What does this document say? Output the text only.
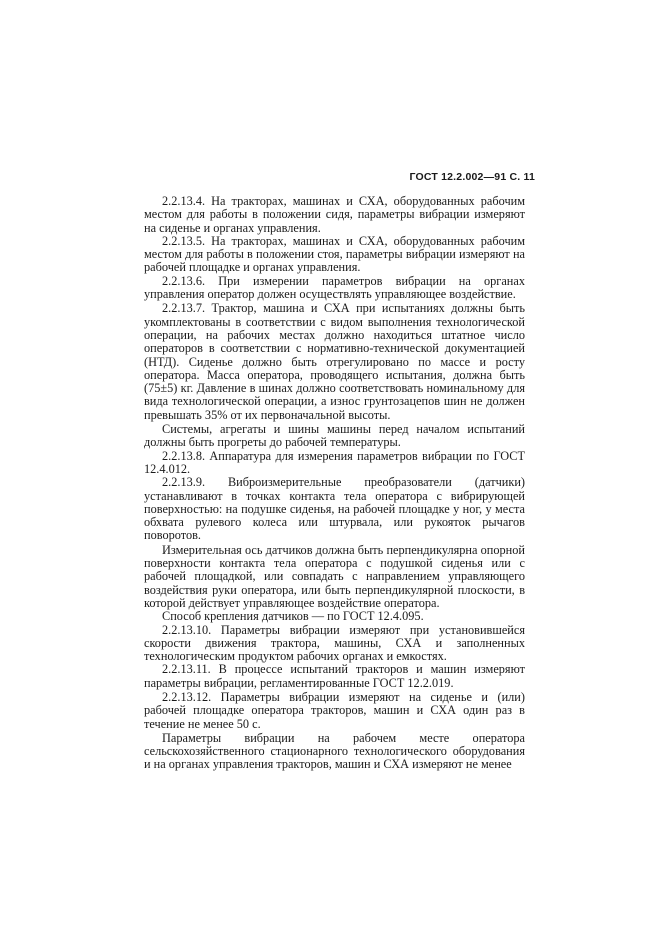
ГОСТ 12.2.002—91 С. 11

2.2.13.4. На тракторах, машинах и СХА, оборудованных рабочим местом для работы в положении сидя, параметры вибрации измеряют на сиденье и органах управления.

2.2.13.5. На тракторах, машинах и СХА, оборудованных рабочим местом для работы в положении стоя, параметры вибрации измеряют на рабочей площадке и органах управления.

2.2.13.6. При измерении параметров вибрации на органах управления оператор должен осуществлять управляющее воздействие.

2.2.13.7. Трактор, машина и СХА при испытаниях должны быть укомплектованы в соответствии с видом выполнения технологической операции, на рабочих местах должно находиться штатное число операторов в соответствии с нормативно-технической документацией (НТД). Сиденье должно быть отрегулировано по массе и росту оператора. Масса оператора, проводящего испытания, должна быть (75±5) кг. Давление в шинах должно соответствовать номинальному для вида технологической операции, а износ грунтозацепов шин не должен превышать 35% от их первоначальной высоты.

Системы, агрегаты и шины машины перед началом испытаний должны быть прогреты до рабочей температуры.

2.2.13.8. Аппаратура для измерения параметров вибрации по ГОСТ 12.4.012.

2.2.13.9. Виброизмерительные преобразователи (датчики) устанавливают в точках контакта тела оператора с вибрирующей поверхностью: на подушке сиденья, на рабочей площадке у ног, у места обхвата рулевого колеса или штурвала, или рукояток рычагов поворотов.

Измерительная ось датчиков должна быть перпендикулярна опорной поверхности контакта тела оператора с подушкой сиденья или с рабочей площадкой, или совпадать с направлением управляющего воздействия руки оператора, или быть перпендикулярной плоскости, в которой действует управляющее воздействие оператора.

Способ крепления датчиков — по ГОСТ 12.4.095.

2.2.13.10. Параметры вибрации измеряют при установившейся скорости движения трактора, машины, СХА и заполненных технологическим продуктом рабочих органах и емкостях.

2.2.13.11. В процессе испытаний тракторов и машин измеряют параметры вибрации, регламентированные ГОСТ 12.2.019.

2.2.13.12. Параметры вибрации измеряют на сиденье и (или) рабочей площадке оператора тракторов, машин и СХА один раз в течение не менее 50 с.

Параметры вибрации на рабочем месте оператора сельскохозяйственного стационарного технологического оборудования и на органах управления тракторов, машин и СХА измеряют не менее
